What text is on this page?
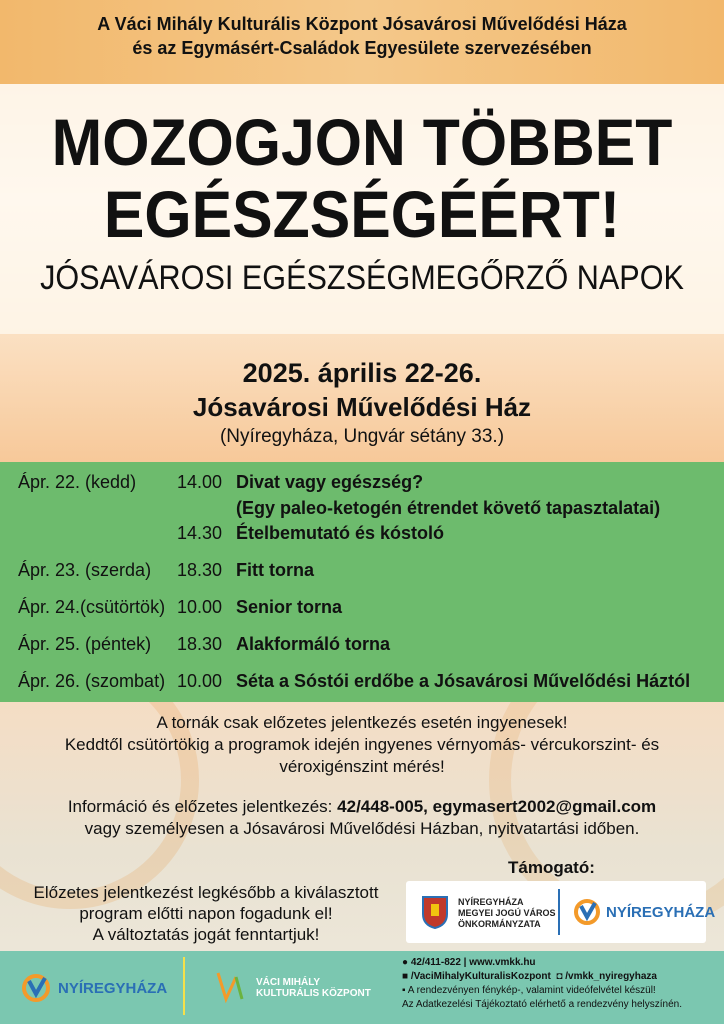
A Váci Mihály Kulturális Központ Jósavárosi Művelődési Háza
és az Egymásért-Családok Egyesülete szervezésében
MOZOGJON TÖBBET
EGÉSZSÉGÉÉRT!
JÓSAVÁROSI EGÉSZSÉGMEGŐRZŐ NAPOK
2025. április 22-26.
Jósavárosi Művelődési Ház
(Nyíregyháza, Ungvár sétány 33.)
Ápr. 22. (kedd) 14.00 Divat vagy egészség?
(Egy paleo-ketogén étrendet követő tapasztalatai)
14.30 Ételbemutató és kóstoló
Ápr. 23. (szerda) 18.30 Fitt torna
Ápr. 24.(csütörtök) 10.00 Senior torna
Ápr. 25. (péntek) 18.30 Alakformáló torna
Ápr. 26. (szombat) 10.00 Séta a Sóstói erdőbe a Jósavárosi Művelődési Háztól
A tornák csak előzetes jelentkezés esetén ingyenesek!
Keddtől csütörtökig a programok idején ingyenes vérnyomás- vércukorszint- és
véroxigénszint mérés!
Információ és előzetes jelentkezés: 42/448-005, egymasert2002@gmail.com
vagy személyesen a Jósavárosi Művelődési Házban, nyitvatartási időben.
Előzetes jelentkezést legkésőbb a kiválasztott
program előtti napon fogadunk el!
A változtatás jogát fenntartjuk!
Támogató:
NYÍREGYHÁZA
MEGYEI JOGÚ VÁROS
ÖNKORMÁNYZATA
NYÍREGYHÁZA
NYÍREGYHÁZA	VÁCI MIHÁLY
KULTURÁLIS KÖZPONT
● 42/411-822 | www.vmkk.hu
■ /VaciMihalyKulturalisKozpont ◘ /vmkk_nyiregyhaza
▪ A rendezvényen fénykép-, valamint videófelvétel készül!
Az Adatkezelési Tájékoztató elérhető a rendezvény helyszínén.
